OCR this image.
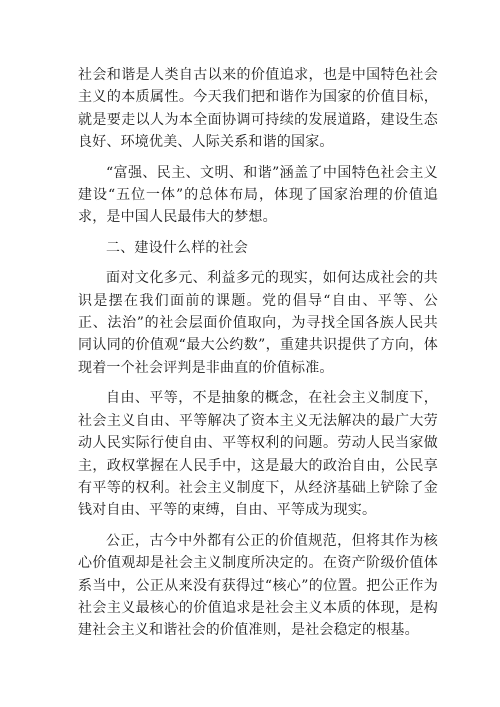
社会和谐是人类自古以来的价值追求，也是中国特色社会主义的本质属性。今天我们把和谐作为国家的价值目标，就是要走以人为本全面协调可持续的发展道路，建设生态良好、环境优美、人际关系和谐的国家。

“富强、民主、文明、和谐”涵盖了中国特色社会主义建设“五位一体”的总体布局，体现了国家治理的价值追求，是中国人民最伟大的梦想。

二、建设什么样的社会

面对文化多元、利益多元的现实，如何达成社会的共识是摆在我们面前的课题。党的倡导“自由、平等、公正、法治”的社会层面价值取向，为寻找全国各族人民共同认同的价值观“最大公约数”，重建共识提供了方向，体现着一个社会评判是非曲直的价值标准。

自由、平等，不是抽象的概念，在社会主义制度下，社会主义自由、平等解决了资本主义无法解决的最广大劳动人民实际行使自由、平等权利的问题。劳动人民当家做主，政权掌握在人民手中，这是最大的政治自由，公民享有平等的权利。社会主义制度下，从经济基础上铲除了金钱对自由、平等的束缚，自由、平等成为现实。

公正，古今中外都有公正的价值规范，但将其作为核心价值观却是社会主义制度所决定的。在资产阶级价值体系当中，公正从来没有获得过“核心”的位置。把公正作为社会主义最核心的价值追求是社会主义本质的体现，是构建社会主义和谐社会的价值准则，是社会稳定的根基。
